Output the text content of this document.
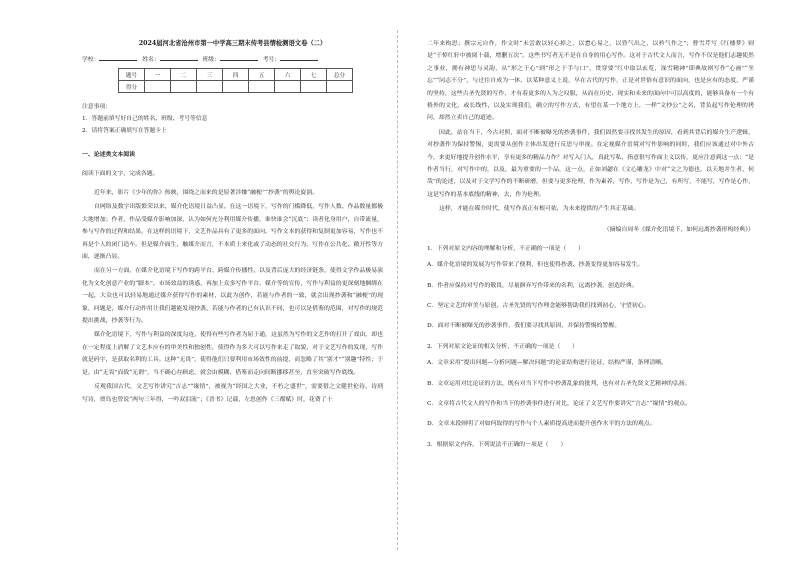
2024届河北省沧州市第一中学高三期末传考县情检测语文卷（二）
学校：	姓名：	班级：	考号：
题号	一	二	三	四	五	六	七	总分
得分								
注意事项：
1．答题前填写好自己的姓名、班级、考号等信息
2．请将答案正确填写在答题卡上
一、论述类文本阅读
阅读下面的文字，完成各题。

近年来，影片《少年的你》热映，围绕之而来的是原著涉嫌“融梗”“抄袭”的舆论旋涡。

自网络及数字出版繁荣以来，媒介化语境日益凸显。在这一语境下，写作的门槛降低，写作人数、作品数量都极大地增加；作者、作品受媒介影响加深，认为如何充分利用媒介传播，谁快谁会“沉底”；读者化身用户，自带流量，参与写作的过程和结果。在这样的语境下，文艺作品具有了更多的面向。写作文本的获得和复制更加容易，写作也不再是个人的闭门造车。但是媒介面生，触媒介而言，不本质上来化或了动态的社交行为，写作在公共化、敞开性等方面，逐渐凸显。

而在另一方面，在媒介化语境下写作的跨平台、跨媒介传播性，以及背后庞大的经济链条，使得文学作品极易演化为文化创意产业的“脚本”。市场效益的诱惑，再加上众多写作平台、媒介等的宣传，写作与利益的更深刻地捆绑在一起，大众也可以轻易地通过媒介获得写作的素材，以此为创作，若能与作者的一致，就会出现抄袭和“融梗”的现象，问题是，媒介行动作用让我们越能发现抄袭，若能与作者的已有认识不同，也可以是借鉴的范围，对写作的规范提出挑战，抄袭等行为。

媒介化语境下，写作与利益的深度勾连，使得有些写作者为屈于通，这虽然为写作的文艺作的打开了戏由，却也在一定程度上消解了文艺本应有的审美性和独创性，使得作为多大可以写作来走了取貌，对于文艺写作的发现，写作就是码字，是获取名利的工具。这种“无畏”，使得他们只要利用市场效性的前提，而忽略了其“别才”“别趣”特性；于是，由“无畏”而致“无谓”，当不确心存顾虑，就会由模糊、借鉴而走向间断挪移甚至，直至突破写作底线。

反观我国古代，文艺写作讲究“吉志”“缘情”，被视为“经国之大业，不朽之盛世”，需要借之文健世伦待。诗到写诗，贾岛也曾说“两句三年得，一吟双泪流”；《晋书》记载，左思创作《三都赋》时，花费了十

二年来构思；撰宗元自作，作文时“未尝敢以轻心掉之，以怠心易之，以昏气出之，以矜气作之”；曹雪芹写《红楼梦》则是“于悼红轩中披阅十载，增删五次”。这些书写者无不是在自身的用心写作。这对于古代文人而言，写作不仅是他们志趣使然之事业，拥有神思与灵韵，从“形之于心”到“形之于手与口”，贯穿要“红中取以玄览，澡雪精神”即典故则写作“心画”“坐忘”“同志不分”，与过往自成为一体，以某种意义上说，早在古代的写作，正是对世俗有意识的面向，也是应有的态度，严谨的坚持，这些古圣先贤的写作，才有着更多的人为之叹服，从而在历史、现实和未来的面向中可以高度的，能够具备有一个有格外的文化，或长线性，以及实现我们，确立的写作方式，有望在某一个地方上，一样“文抄公”之名，背负起写作伦理的拷问，却然立卖自己的道迹。

因此，站在当下，今古对照，面对不断被曝光的抄袭事件，我们固然要寻找其发生的原因，看到其背后的媒介生产逻辑，对抄袭作为保持警惕，更需要从创作主体出发进行反思与审视。在定视媒介语境对写作影响的同时，我们应该通过对中外古今，来更好地提升创作水平，享有更多的精品力作？对写入门入，真此写私，指意很写作面主义以传，更应注意到这一点：“是作者当行，对写作中的，以及，最为重要的一个品，这一点，正如刘勰在《文心雕龙》中对“文之为德也，以天地并生者，何哉”的论述，以及对于文学写作的不断研磨，但要与更多伦理，作为素养，写作，写作是为己，有所写，不能写，写作是心作，这是写作的基本底线的精神，去，作为伦理。

这样，才能在媒介时代，使写作真正有根可依，为未来提供的产生其正基础。

（摘编自周冬《媒介化语境下，如何远离抄袭形构经典》）
1．下列对原文内容的理解和分析，不正确的一项是（　　）
A．媒介化语境的发展为写作带来了便利，但也使得抄袭、抄袭变得更加容易发生。
B．作者应保持对写作的敬畏，尽量摒弃写作带来的名利，远离抄袭，创造经典。
C．坚定文艺的审美与原创，古圣先贤的写作理念能够帮助我们找到初心，守望初心。
D．面对不断被曝光的抄袭事件，我们要寻找其原因，并保持警惕的警醒。
2．下列对原文论证的相关分析，不正确的一项是（　　）
A．文章采用“提出问题—分析问题—解决问题”的论证结构进行论证，结构严谨，条理清晰。
B．文章运用对比论证的方法，既有对当下写作中抄袭乱象的批判，也有对古圣先贤文艺精神的弘扬。
C．文章将古代文人的写作和当下的抄袭事件进行对比，论证了文艺写作要讲究“言志”“缘情”的观点。
D．文章末段阐明了对如何取得的写作与个人素质提高进而提升创作水平的方法的观点。
3．根据原文内容，下列说法不正确的一项是（　　）
